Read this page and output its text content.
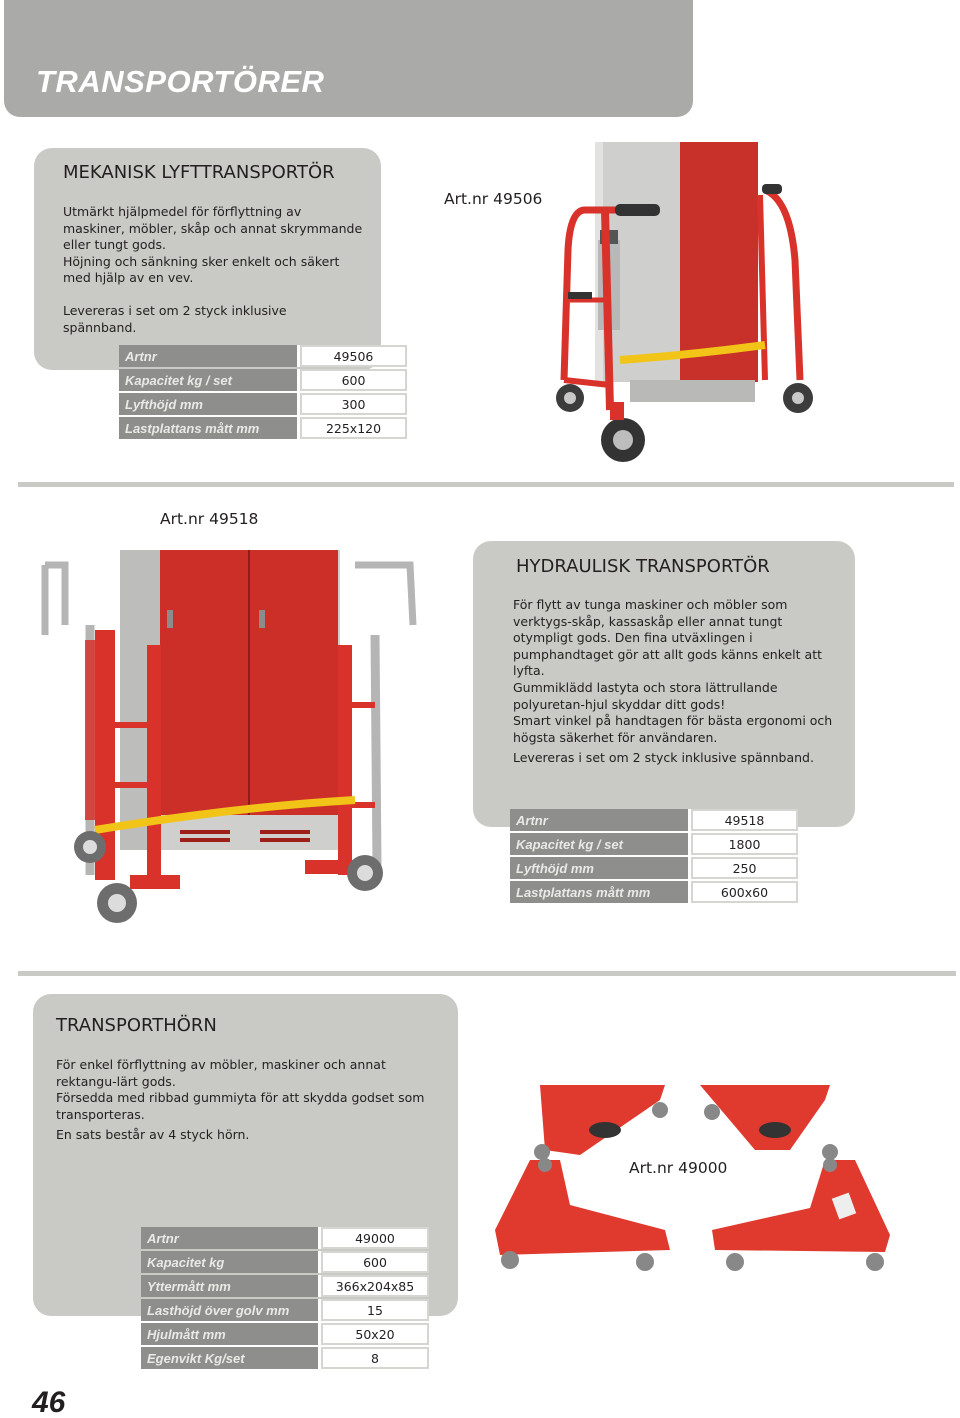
TRANSPORTÖRER
MEKANISK LYFTTRANSPORTÖR

Utmärkt hjälpmedel för förflyttning av maskiner, möbler, skåp och annat skrymmande eller tungt gods.

Höjning och sänkning sker enkelt och säkert med hjälp av en vev.

Levereras i set om 2 styck inklusive spännband.

Art.nr 49506
Artnr	49506
Kapacitet kg / set	600
Lyfthöjd mm	300
Lastplattans mått mm	225x120
Art.nr 49518
HYDRAULISK TRANSPORTÖR

För flytt av tunga maskiner och möbler som verktygs-skåp, kassaskåp eller annat tungt otympligt gods. Den fina utväxlingen i pumphandtaget gör att allt gods känns enkelt att lyfta.

Gummiklädd lastyta och stora lättrullande polyuretan-hjul skyddar ditt gods!

Smart vinkel på handtagen för bästa ergonomi och högsta säkerhet för användaren.

Levereras i set om 2 styck inklusive spännband.

Artnr	49518
Kapacitet kg / set	1800
Lyfthöjd mm	250
Lastplattans mått mm	600x60
TRANSPORTHÖRN

För enkel förflyttning av möbler, maskiner och annat rektangu-lärt gods.

Försedda med ribbad gummiyta för att skydda godset som transporteras.

En sats består av 4 styck hörn.

Art.nr 49000
Artnr	49000
Kapacitet kg	600
Yttermått mm	366x204x85
Lasthöjd över golv mm	15
Hjulmått mm	50x20
Egenvikt Kg/set	8
46
